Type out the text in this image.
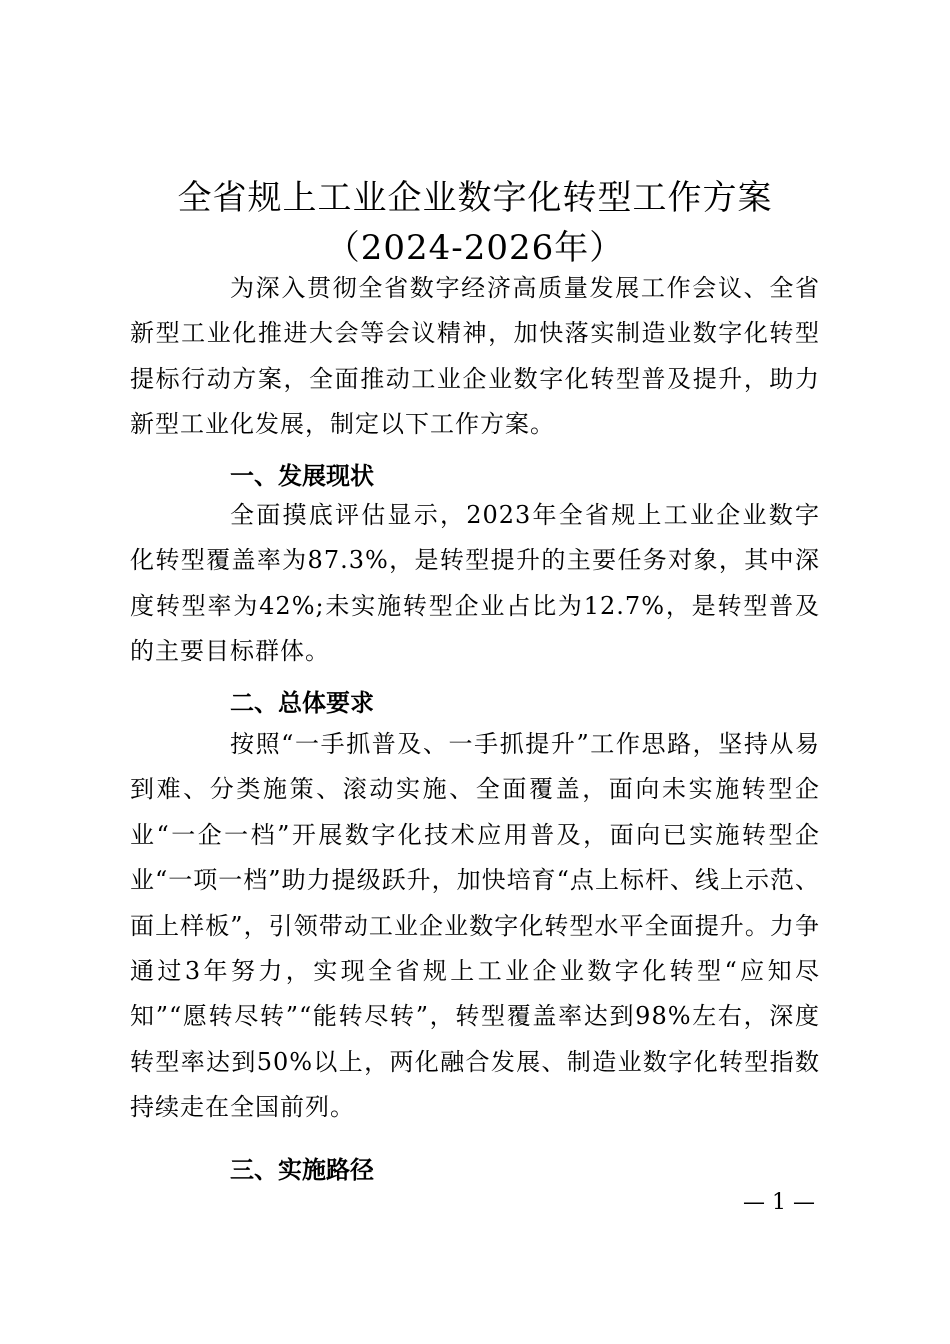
全省规上工业企业数字化转型工作方案
（2024-2026年）
为深入贯彻全省数字经济高质量发展工作会议、全省新型工业化推进大会等会议精神，加快落实制造业数字化转型提标行动方案，全面推动工业企业数字化转型普及提升，助力新型工业化发展，制定以下工作方案。
一、发展现状
全面摸底评估显示，2023年全省规上工业企业数字化转型覆盖率为87.3%，是转型提升的主要任务对象，其中深度转型率为42%;未实施转型企业占比为12.7%，是转型普及的主要目标群体。
二、总体要求
按照“一手抓普及、一手抓提升”工作思路，坚持从易到难、分类施策、滚动实施、全面覆盖，面向未实施转型企业“一企一档”开展数字化技术应用普及，面向已实施转型企业“一项一档”助力提级跃升，加快培育“点上标杆、线上示范、面上样板”，引领带动工业企业数字化转型水平全面提升。力争通过3年努力，实现全省规上工业企业数字化转型“应知尽知”“愿转尽转”“能转尽转”，转型覆盖率达到98%左右，深度转型率达到50%以上，两化融合发展、制造业数字化转型指数持续走在全国前列。
三、实施路径
— 1 —
